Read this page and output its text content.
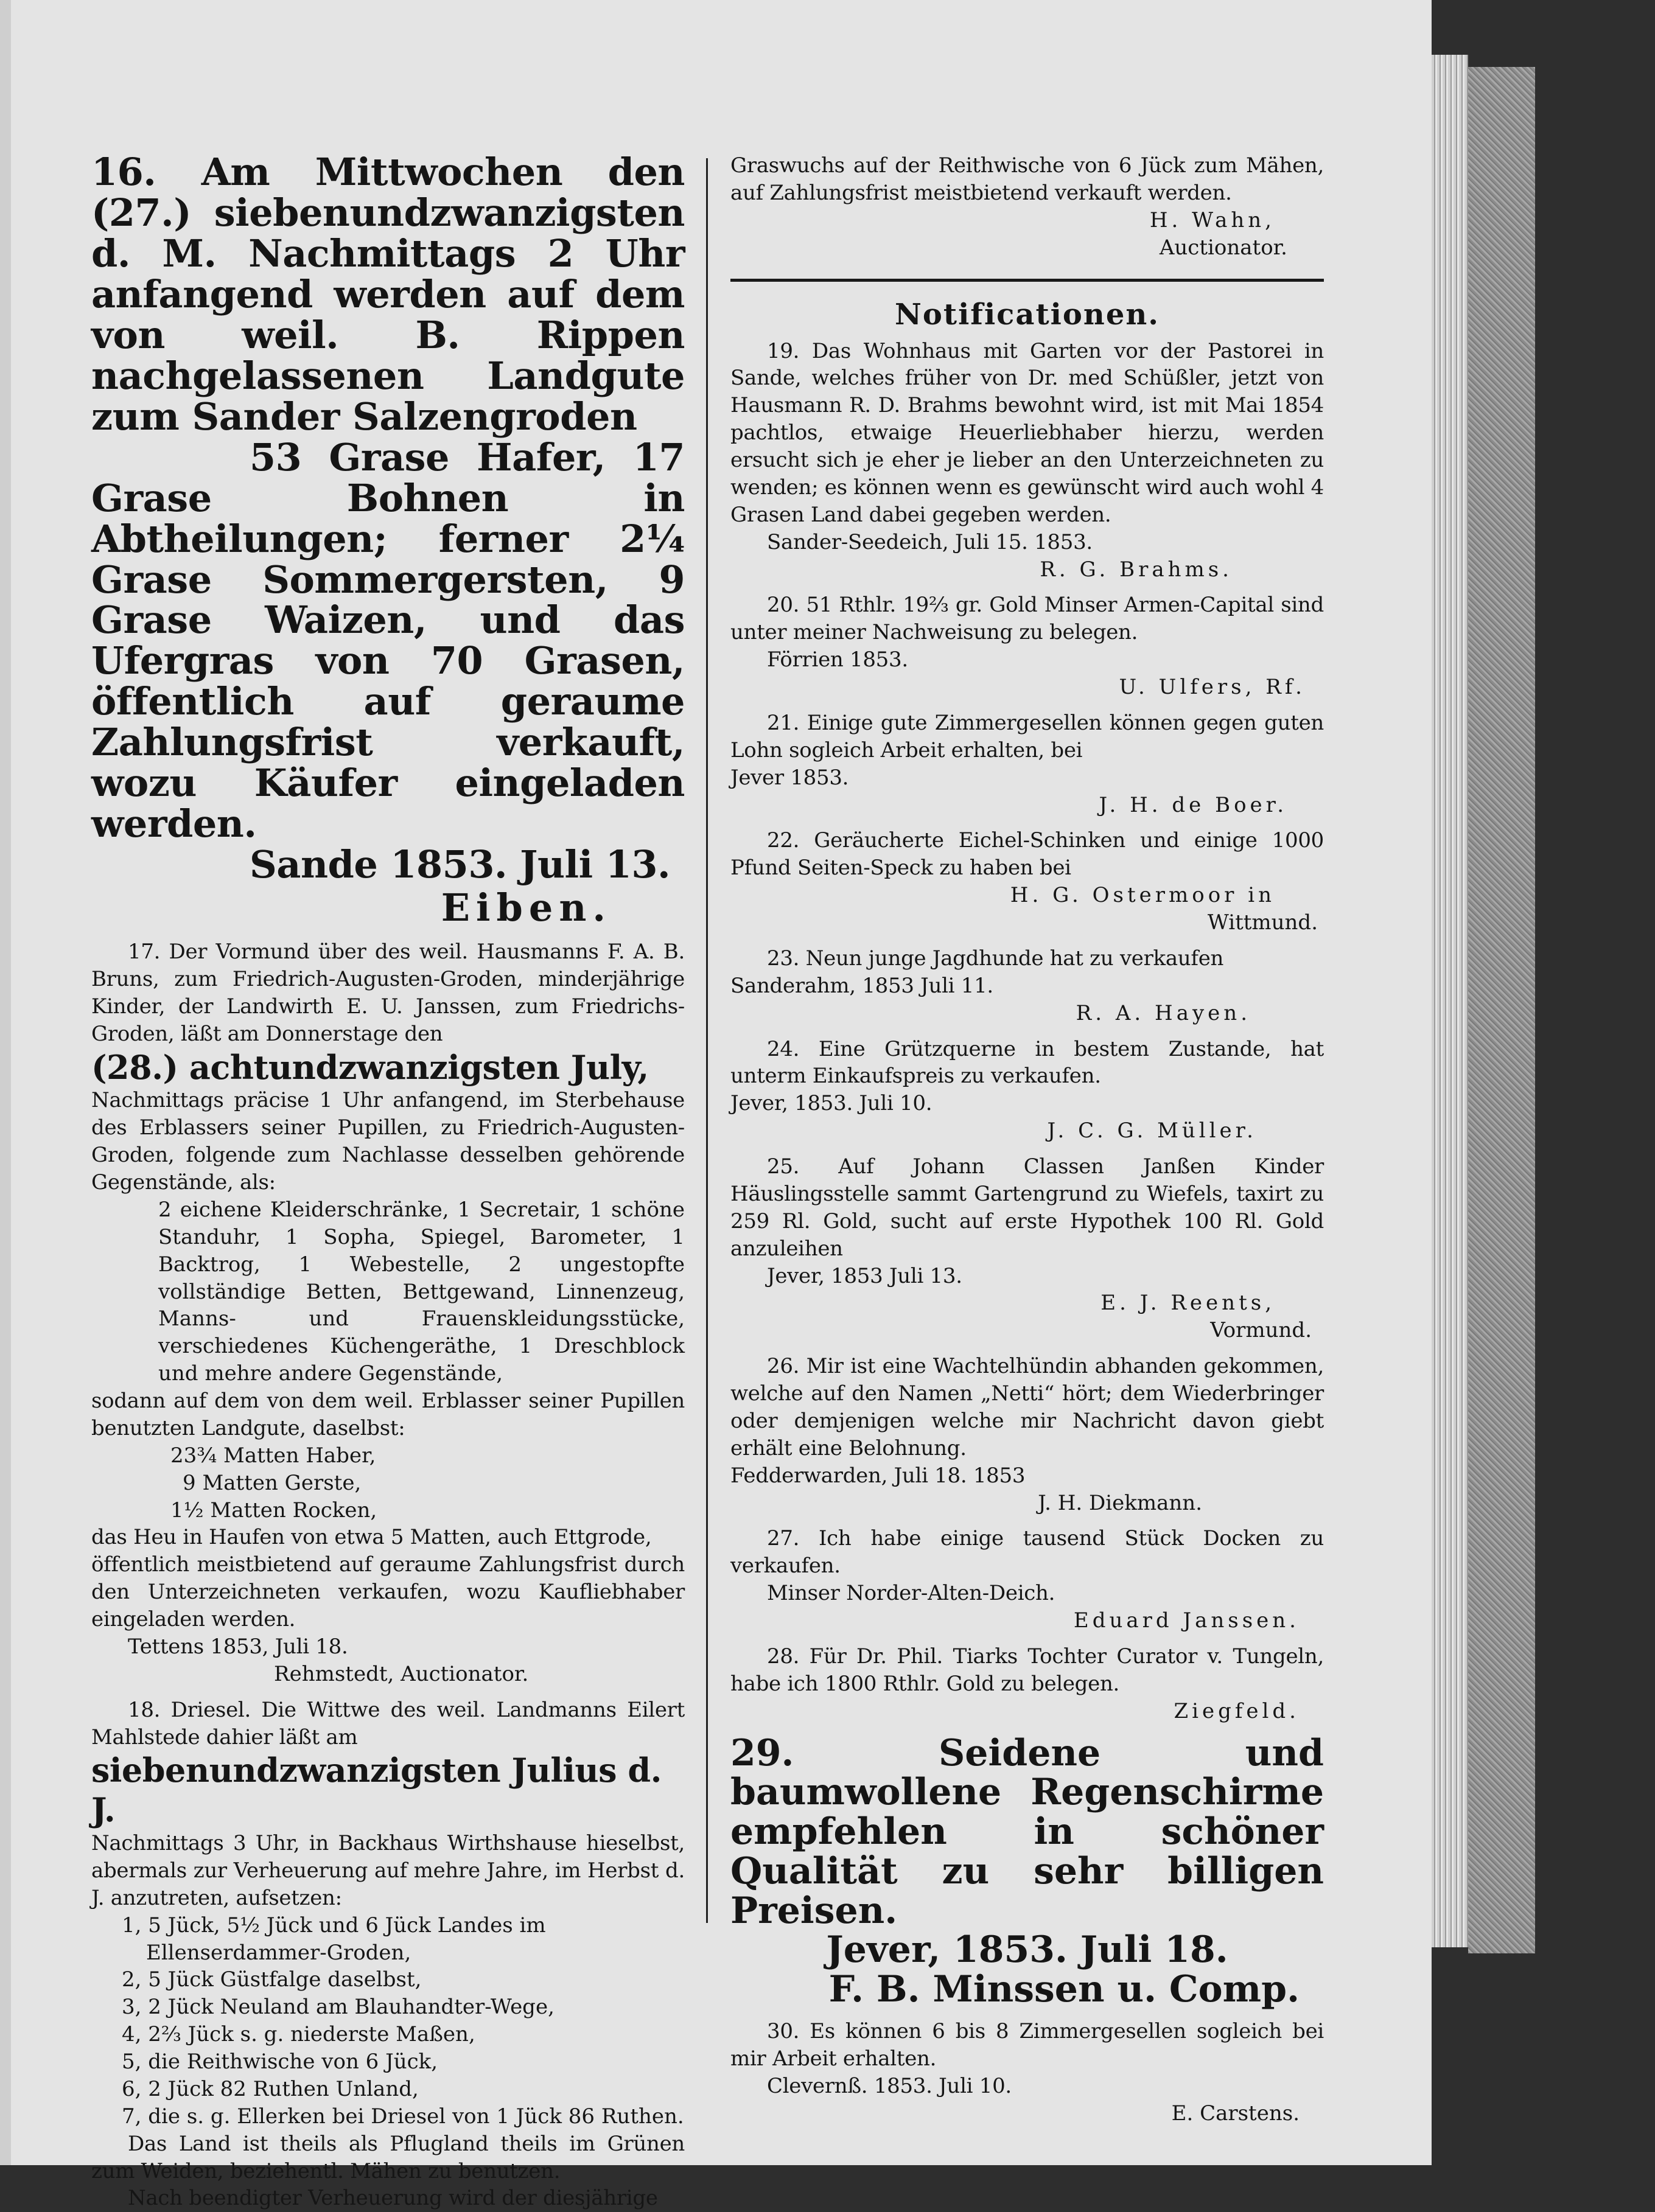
16. Am Mittwochen den (27.) siebenundzwanzigsten d. M. Nachmittags 2 Uhr anfangend werden auf dem von weil. B. Rippen nachgelassenen Landgute zum Sander Salzengroden

53 Grase Hafer, 17 Grase Bohnen in Abtheilungen; ferner 2¼ Grase Sommergersten, 9 Grase Waizen, und das Ufergras von 70 Grasen, öffentlich auf geraume Zahlungsfrist verkauft, wozu Käufer eingeladen werden.

Sande 1853. Juli 13.

Eiben.

17. Der Vormund über des weil. Hausmanns F. A. B. Bruns, zum Friedrich-Augusten-Groden, minderjährige Kinder, der Landwirth E. U. Janssen, zum Friedrichs-Groden, läßt am Donnerstage den

(28.) achtundzwanzigsten July,

Nachmittags präcise 1 Uhr anfangend, im Sterbehause des Erblassers seiner Pupillen, zu Friedrich-Augusten-Groden, folgende zum Nachlasse desselben gehörende Gegenstände, als:

2 eichene Kleiderschränke, 1 Secretair, 1 schöne Standuhr, 1 Sopha, Spiegel, Barometer, 1 Backtrog, 1 Webestelle, 2 ungestopfte vollständige Betten, Bettgewand, Linnenzeug, Manns- und Frauenskleidungsstücke, verschiedenes Küchengeräthe, 1 Dreschblock und mehre andere Gegenstände,

sodann auf dem von dem weil. Erblasser seiner Pupillen benutzten Landgute, daselbst:

23¾ Matten Haber,

9 Matten Gerste,

1½ Matten Rocken,

das Heu in Haufen von etwa 5 Matten, auch Ettgrode,

öffentlich meistbietend auf geraume Zahlungsfrist durch den Unterzeichneten verkaufen, wozu Kaufliebhaber eingeladen werden.

Tettens 1853, Juli 18.

Rehmstedt, Auctionator.

18. Driesel. Die Wittwe des weil. Landmanns Eilert Mahlstede dahier läßt am

siebenundzwanzigsten Julius d. J.

Nachmittags 3 Uhr, in Backhaus Wirthshause hieselbst, abermals zur Verheuerung auf mehre Jahre, im Herbst d. J. anzutreten, aufsetzen:

1, 5 Jück, 5½ Jück und 6 Jück Landes im Ellenserdammer-Groden,

2, 5 Jück Güstfalge daselbst,

3, 2 Jück Neuland am Blauhandter-Wege,

4, 2⅔ Jück s. g. niederste Maßen,

5, die Reithwische von 6 Jück,

6, 2 Jück 82 Ruthen Unland,

7, die s. g. Ellerken bei Driesel von 1 Jück 86 Ruthen.

Das Land ist theils als Pflugland theils im Grünen zum Weiden, beziehentl. Mähen zu benutzen.

Nach beendigter Verheuerung wird der diesjährige

Graswuchs auf der Reithwische von 6 Jück zum Mähen, auf Zahlungsfrist meistbietend verkauft werden.

H. Wahn,

Auctionator.

Notificationen.

19. Das Wohnhaus mit Garten vor der Pastorei in Sande, welches früher von Dr. med Schüßler, jetzt von Hausmann R. D. Brahms bewohnt wird, ist mit Mai 1854 pachtlos, etwaige Heuerliebhaber hierzu, werden ersucht sich je eher je lieber an den Unterzeichneten zu wenden; es können wenn es gewünscht wird auch wohl 4 Grasen Land dabei gegeben werden.

Sander-Seedeich, Juli 15. 1853.

R. G. Brahms.

20. 51 Rthlr. 19⅔ gr. Gold Minser Armen-Capital sind unter meiner Nachweisung zu belegen.

Förrien 1853.

U. Ulfers, Rf.

21. Einige gute Zimmergesellen können gegen guten Lohn sogleich Arbeit erhalten, bei

Jever 1853.

J. H. de Boer.

22. Geräucherte Eichel-Schinken und einige 1000 Pfund Seiten-Speck zu haben bei

H. G. Ostermoor in

Wittmund.

23. Neun junge Jagdhunde hat zu verkaufen

Sanderahm, 1853 Juli 11.

R. A. Hayen.

24. Eine Grützquerne in bestem Zustande, hat unterm Einkaufspreis zu verkaufen.

Jever, 1853. Juli 10.

J. C. G. Müller.

25. Auf Johann Classen Janßen Kinder Häuslingsstelle sammt Gartengrund zu Wiefels, taxirt zu 259 Rl. Gold, sucht auf erste Hypothek 100 Rl. Gold anzuleihen

Jever, 1853 Juli 13.

E. J. Reents,

Vormund.

26. Mir ist eine Wachtelhündin abhanden gekommen, welche auf den Namen „Netti“ hört; dem Wiederbringer oder demjenigen welche mir Nachricht davon giebt erhält eine Belohnung.

Fedderwarden, Juli 18. 1853

J. H. Diekmann.

27. Ich habe einige tausend Stück Docken zu verkaufen.

Minser Norder-Alten-Deich.

Eduard Janssen.

28. Für Dr. Phil. Tiarks Tochter Curator v. Tungeln, habe ich 1800 Rthlr. Gold zu belegen.

Ziegfeld.

29. Seidene und baumwollene Regenschirme empfehlen in schöner Qualität zu sehr billigen Preisen.

Jever, 1853. Juli 18.

F. B. Minssen u. Comp.

30. Es können 6 bis 8 Zimmergesellen sogleich bei mir Arbeit erhalten.

Clevernß. 1853. Juli 10.

E. Carstens.
